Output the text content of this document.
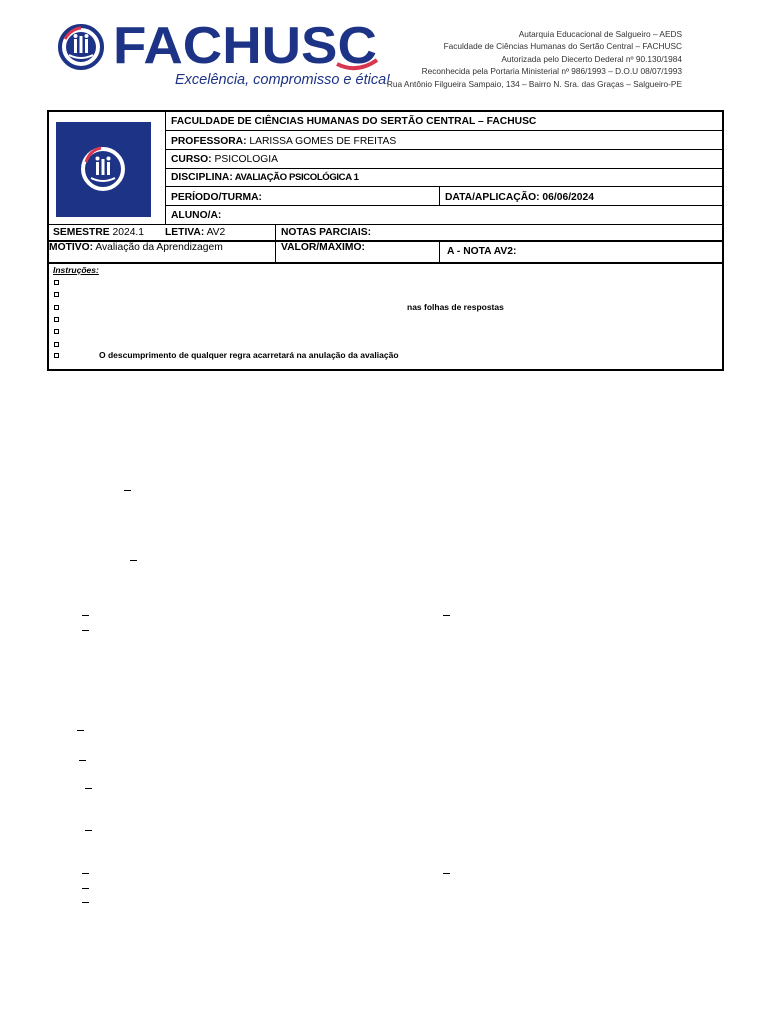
FACHUSC
Excelência, compromisso e ética!
Autarquia Educacional de Salgueiro – AEDS
Faculdade de Ciências Humanas do Sertão Central – FACHUSC
Autorizada pelo Diecerto Dederal nº 90.130/1984
Reconhecida pela Portaria Ministerial nº 986/1993 – D.O.U 08/07/1993
Rua Antônio Filgueira Sampaio, 134 – Bairro N. Sra. das Graças – Salgueiro-PE
FACULDADE DE CIÊNCIAS HUMANAS DO SERTÃO CENTRAL – FACHUSC
PROFESSORA: LARISSA GOMES DE FREITAS
CURSO: PSICOLOGIA
DISCIPLINA: AVALIAÇÃO PSICOLÓGICA 1
PERÍODO/TURMA:	DATA/APLICAÇÃO: 06/06/2024
ALUNO/A:
SEMESTRE 2024.1	LETIVA: AV2	NOTAS PARCIAIS:
MOTIVO: Avaliação da Aprendizagem	VALOR/MÁXIMO:	A - NOTA AV2:
Instruções:
nas folhas de respostas
O descumprimento de qualquer regra acarretará na anulação da avaliação
